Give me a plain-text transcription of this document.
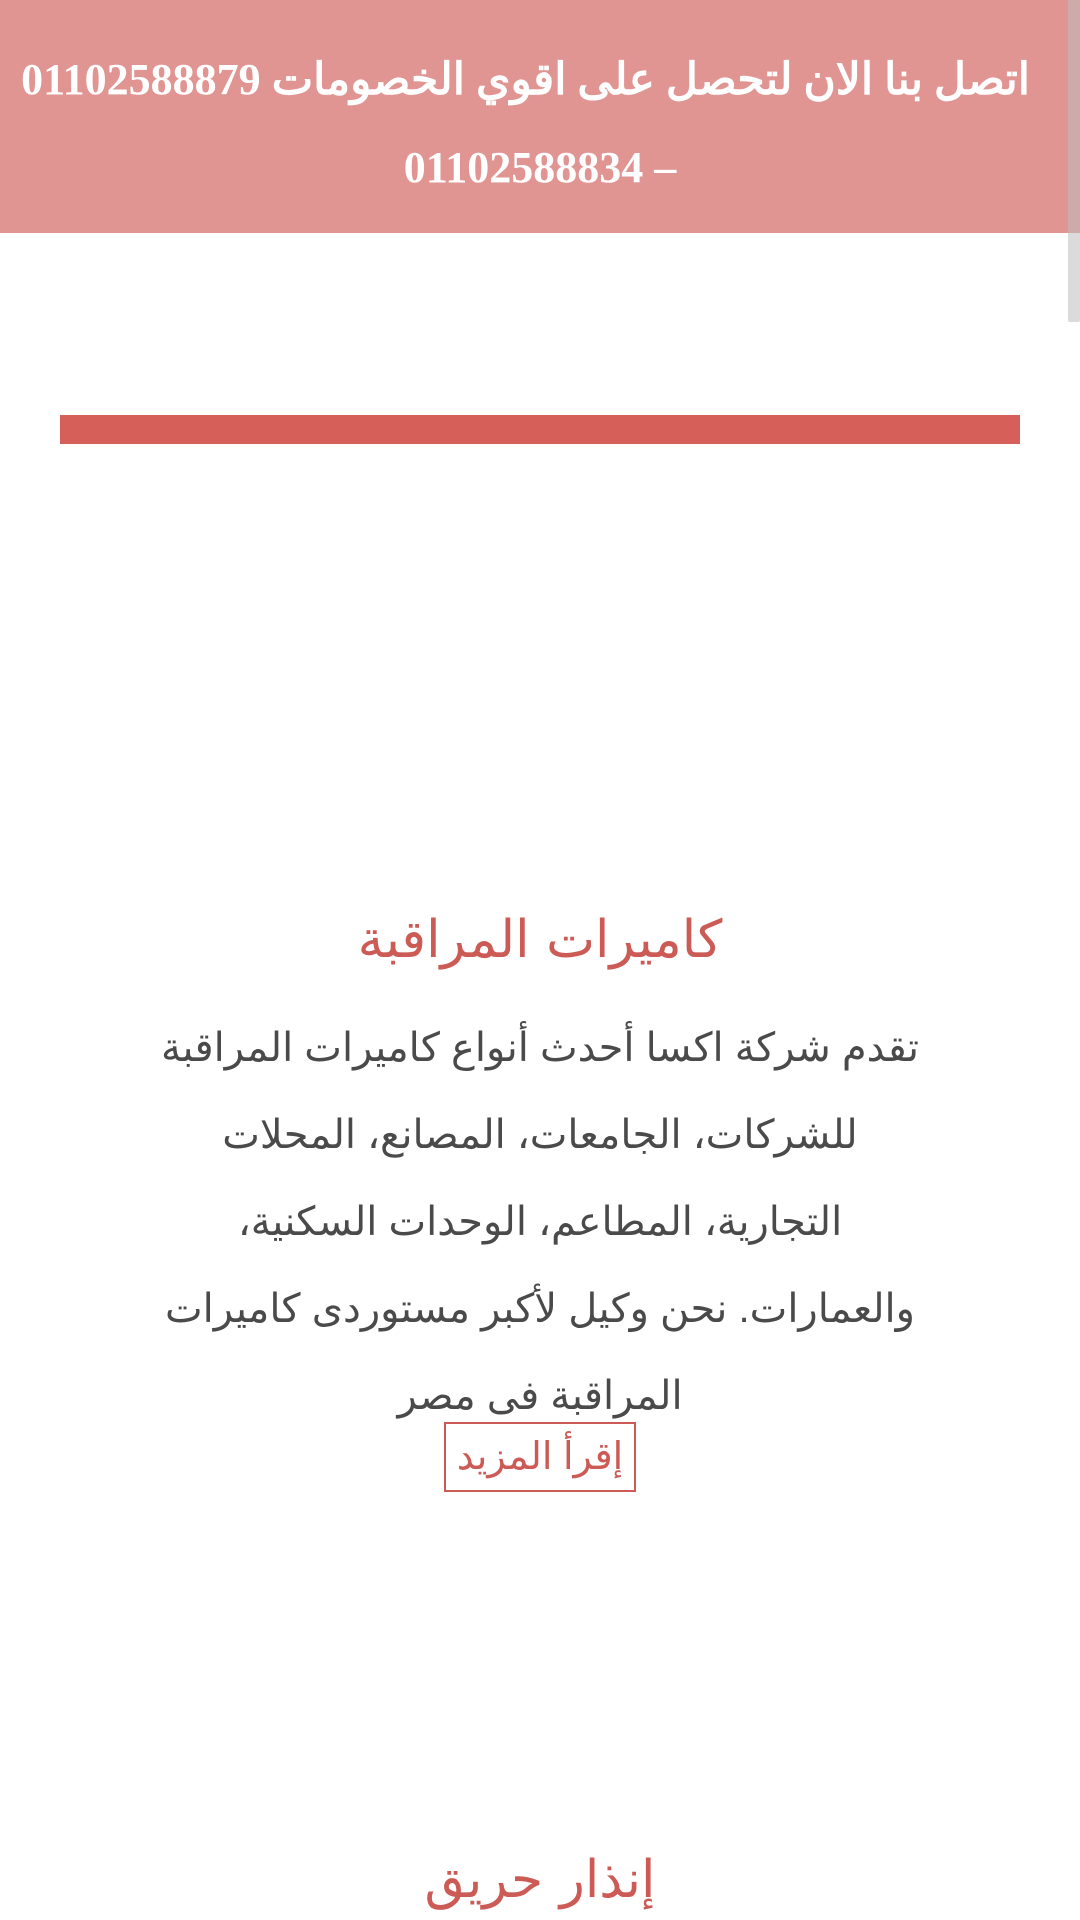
اتصل بنا الان لتحصل على اقوي الخصومات 01102588879
– 01102588834
كاميرات المراقبة

تقدم شركة اكسا أحدث أنواع كاميرات المراقبة للشركات، الجامعات، المصانع، المحلات التجارية، المطاعم، الوحدات السكنية، والعمارات. نحن وكيل لأكبر مستوردى كاميرات المراقبة فى مصر

إقرأ المزيد
إنذار حريق
